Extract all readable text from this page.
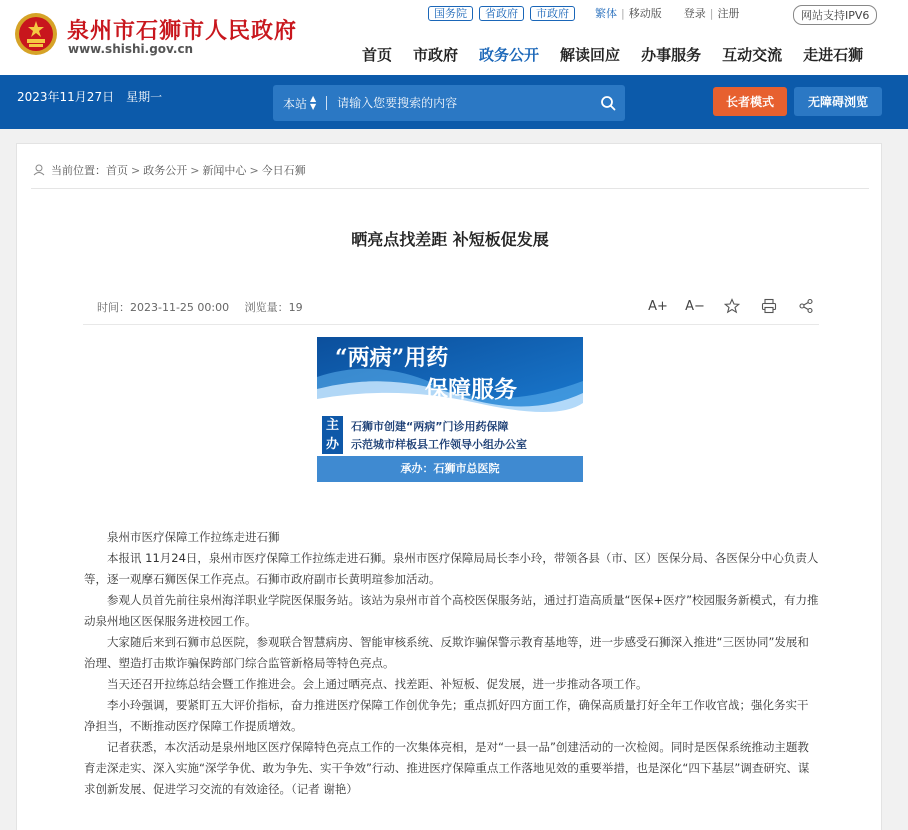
泉州市石狮市人民政府
www.shishi.gov.cn
国务院	省政府	市政府	繁体 | 移动版 登录 | 注册	网站支持IPV6
首页 市政府 政务公开 解读回应 办事服务 互动交流 走进石狮
2023年11月27日　星期一	本站 ▲
▼
请输入您要搜索的内容	长者模式	无障碍浏览
当前位置： 首页 > 政务公开 > 新闻中心 > 今日石狮
晒亮点找差距 补短板促发展
时间：2023-11-25 00:00 浏览量：19	A+ A−
“两病”用药
保障服务
主办
石狮市创建“两病”门诊用药保障
示范城市样板县工作领导小组办公室
承办：石狮市总医院

泉州市医疗保障工作拉练走进石狮

本报讯 11月24日，泉州市医疗保障工作拉练走进石狮。泉州市医疗保障局局长李小玲，带领各县（市、区）医保分局、各医保分中心负责人等，逐一观摩石狮医保工作亮点。石狮市政府副市长黄明瑄参加活动。

参观人员首先前往泉州海洋职业学院医保服务站。该站为泉州市首个高校医保服务站，通过打造高质量“医保+医疗”校园服务新模式，有力推动泉州地区医保服务进校园工作。

大家随后来到石狮市总医院，参观联合智慧病房、智能审核系统、反欺诈骗保警示教育基地等，进一步感受石狮深入推进“三医协同”发展和治理、塑造打击欺诈骗保跨部门综合监管新格局等特色亮点。

当天还召开拉练总结会暨工作推进会。会上通过晒亮点、找差距、补短板、促发展，进一步推动各项工作。

李小玲强调，要紧盯五大评价指标，奋力推进医疗保障工作创优争先；重点抓好四方面工作，确保高质量打好全年工作收官战；强化务实干净担当，不断推动医疗保障工作提质增效。

记者获悉，本次活动是泉州地区医疗保障特色亮点工作的一次集体亮相，是对“一县一品”创建活动的一次检阅。同时是医保系统推动主题教育走深走实、深入实施“深学争优、敢为争先、实干争效”行动、推进医疗保障重点工作落地见效的重要举措，也是深化“四下基层”调查研究、谋求创新发展、促进学习交流的有效途径。（记者 谢艳）
